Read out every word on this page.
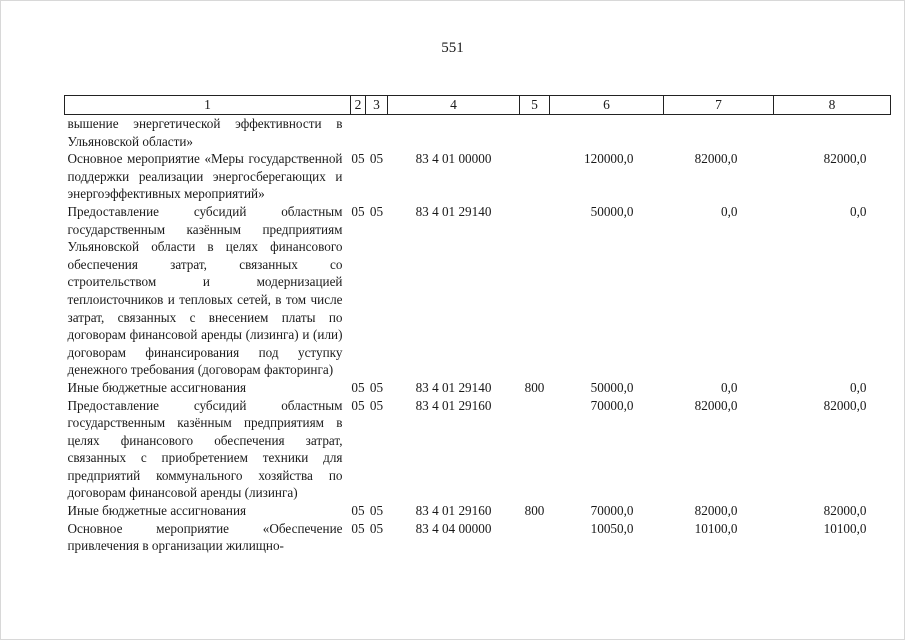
551
1	2	3	4	5	6	7	8
вышение энергетической эффективности в Ульяновской области»							
Основное мероприятие «Меры государственной поддержки реализации энергосберегающих и энергоэффективных мероприятий»	05	05	83 4 01 00000		120000,0	82000,0	82000,0
Предоставление субсидий областным государственным казённым предприятиям Ульяновской области в целях финансового обеспечения затрат, связанных со строительством и модернизацией теплоисточников и тепловых сетей, в том числе затрат, связанных с внесением платы по договорам финансовой аренды (лизинга) и (или) договорам финансирования под уступку денежного требования (договорам факторинга)	05	05	83 4 01 29140		50000,0	0,0	0,0
Иные бюджетные ассигнования	05	05	83 4 01 29140	800	50000,0	0,0	0,0
Предоставление субсидий областным государственным казённым предприятиям в целях финансового обеспечения затрат, связанных с приобретением техники для предприятий коммунального хозяйства по договорам финансовой аренды (лизинга)	05	05	83 4 01 29160		70000,0	82000,0	82000,0
Иные бюджетные ассигнования	05	05	83 4 01 29160	800	70000,0	82000,0	82000,0
Основное мероприятие «Обеспечение привлечения в организации жилищно-	05	05	83 4 04 00000		10050,0	10100,0	10100,0
